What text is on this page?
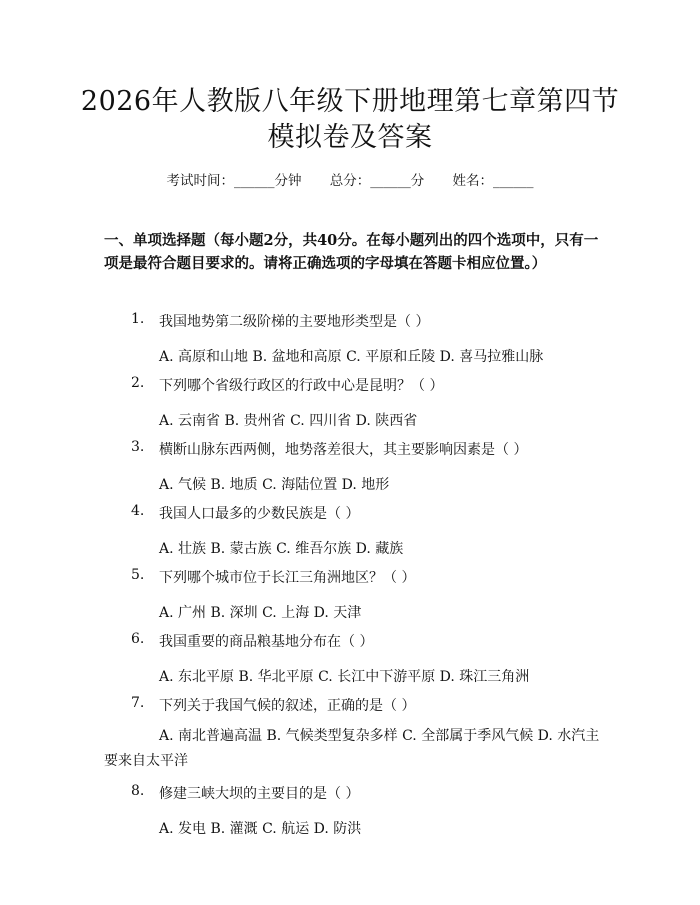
2026年人教版八年级下册地理第七章第四节
模拟卷及答案
考试时间：______分钟 总分：______分 姓名：______
一、单项选择题（每小题2分，共40分。在每小题列出的四个选项中，只有一项是最符合题目要求的。请将正确选项的字母填在答题卡相应位置。）
1. 我国地势第二级阶梯的主要地形类型是（ ）
A. 高原和山地 B. 盆地和高原 C. 平原和丘陵 D. 喜马拉雅山脉
2. 下列哪个省级行政区的行政中心是昆明？（ ）
A. 云南省 B. 贵州省 C. 四川省 D. 陕西省
3. 横断山脉东西两侧，地势落差很大，其主要影响因素是（ ）
A. 气候 B. 地质 C. 海陆位置 D. 地形
4. 我国人口最多的少数民族是（ ）
A. 壮族 B. 蒙古族 C. 维吾尔族 D. 藏族
5. 下列哪个城市位于长江三角洲地区？（ ）
A. 广州 B. 深圳 C. 上海 D. 天津
6. 我国重要的商品粮基地分布在（ ）
A. 东北平原 B. 华北平原 C. 长江中下游平原 D. 珠江三角洲
7. 下列关于我国气候的叙述，正确的是（ ）
A. 南北普遍高温 B. 气候类型复杂多样 C. 全部属于季风气候 D. 水汽主要来自太平洋
8. 修建三峡大坝的主要目的是（ ）
A. 发电 B. 灌溉 C. 航运 D. 防洪
